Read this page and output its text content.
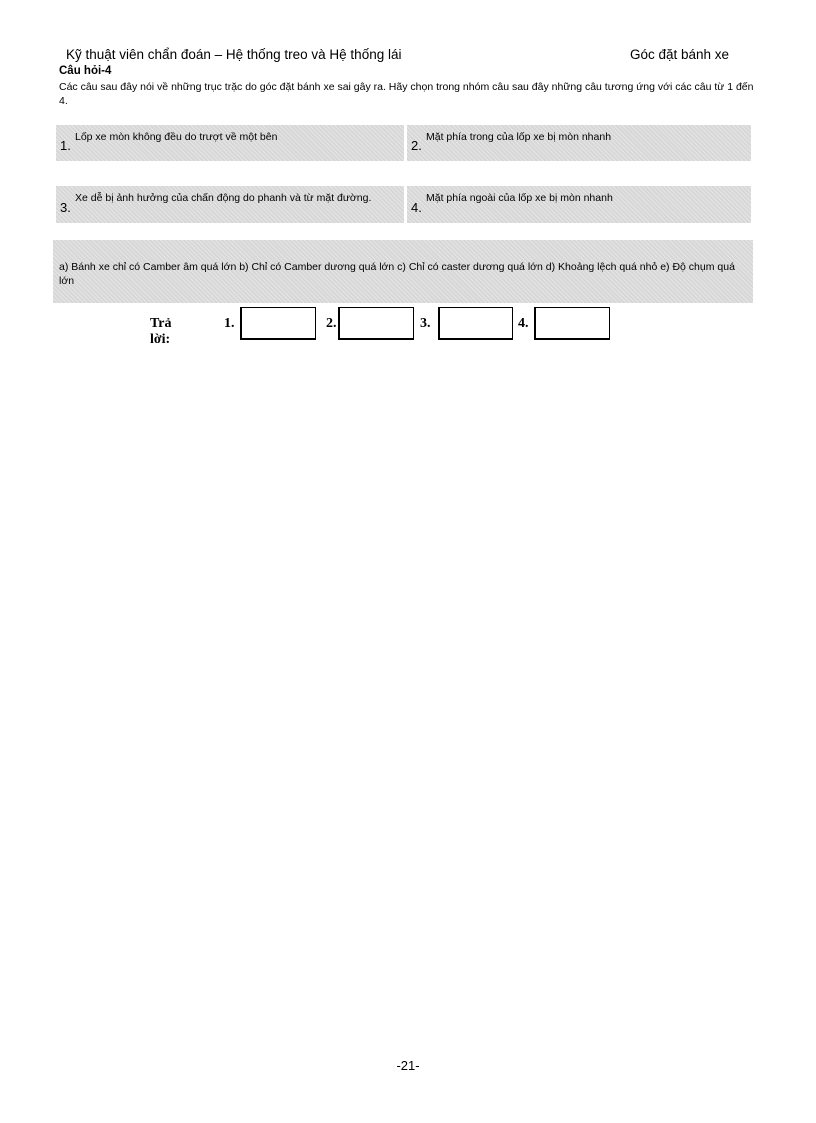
Kỹ thuật viên chẩn đoán – Hệ thống treo và Hệ thống lái	Góc đặt bánh xe
Câu hỏi-4
Các câu sau đây nói về những trục trặc do góc đặt bánh xe sai gây ra. Hãy chọn trong nhóm câu sau đây những câu tương ứng với các câu từ 1 đến 4.
1.
Lốp xe mòn không đều do trượt về một bên
2.
Mặt phía trong của lốp xe bị mòn nhanh
3.
Xe dễ bị ảnh hưởng của chấn động do phanh và từ mặt đường.
4.
Mặt phía ngoài của lốp xe bị mòn nhanh
a) Bánh xe chỉ có Camber âm quá lớn b) Chỉ có Camber dương quá lớn c) Chỉ có caster dương quá lớn d) Khoảng lệch quá nhỏ e) Độ chụm quá lớn
Trả lời:
1.	2.	3.	4.
-21-
